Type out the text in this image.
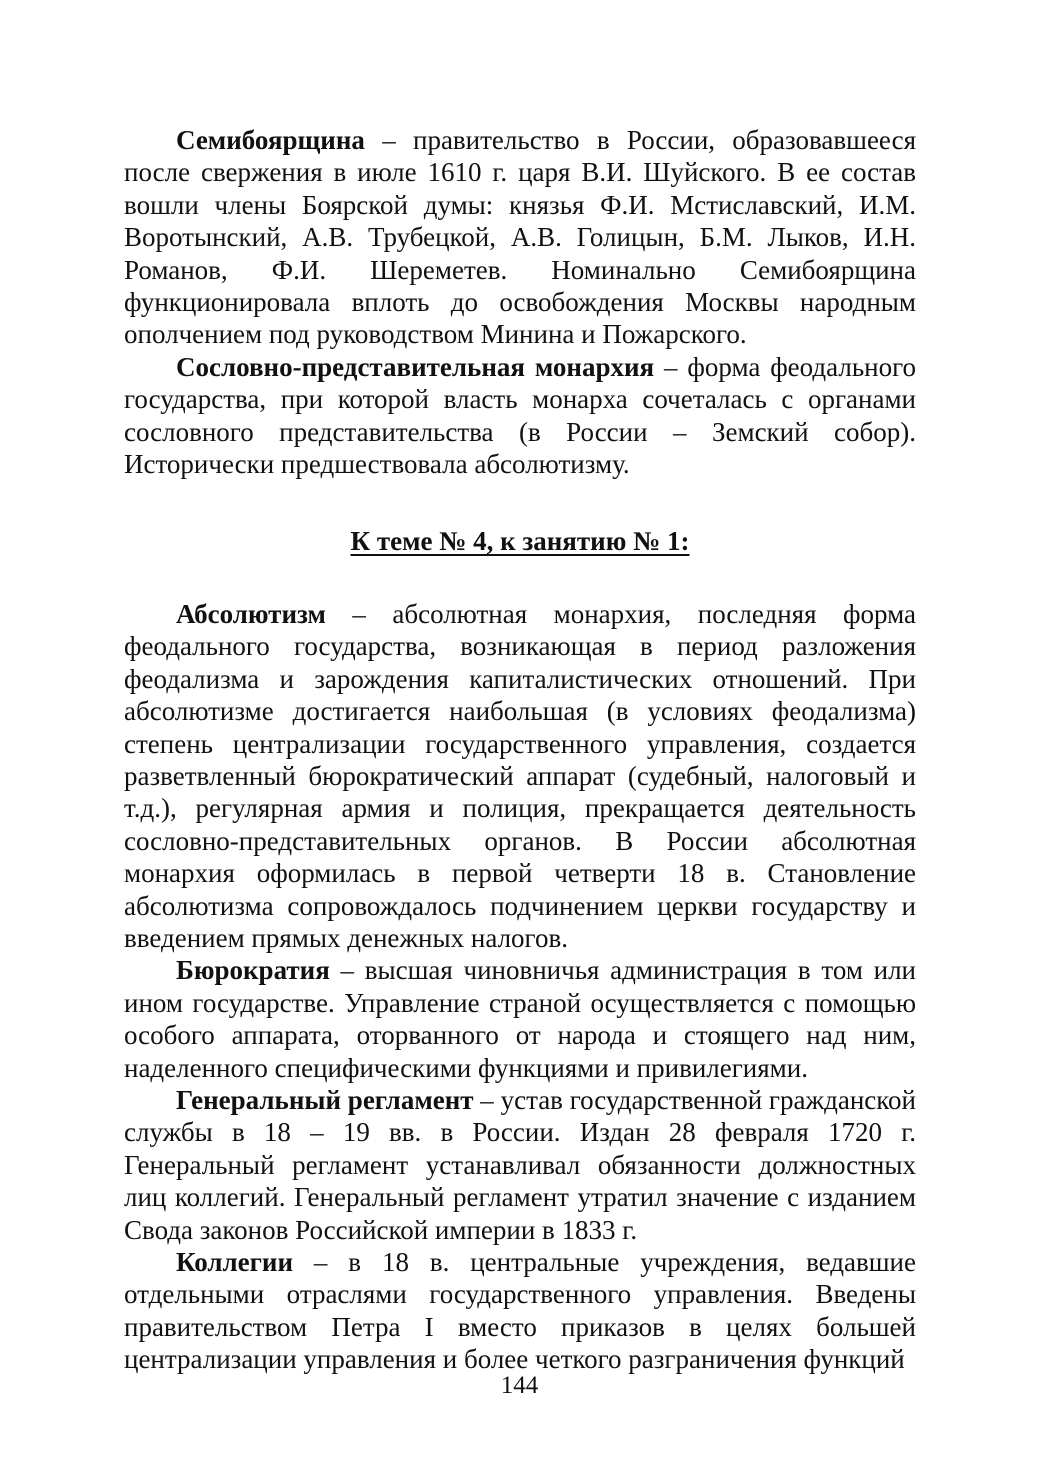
Семибоярщина – правительство в России, образовавшееся после свержения в июле 1610 г. царя В.И. Шуйского. В ее состав вошли члены Боярской думы: князья Ф.И. Мстиславский, И.М. Воротынский, А.В. Трубецкой, А.В. Голицын, Б.М. Лыков, И.Н. Романов, Ф.И. Шереметев. Номинально Семибоярщина функционировала вплоть до освобождения Москвы народным ополчением под руководством Минина и Пожарского.

Сословно-представительная монархия – форма феодального государства, при которой власть монарха сочеталась с органами сословного представительства (в России – Земский собор). Исторически предшествовала абсолютизму.

К теме № 4, к занятию № 1:

Абсолютизм – абсолютная монархия, последняя форма феодального государства, возникающая в период разложения феодализма и зарождения капиталистических отношений. При абсолютизме достигается наибольшая (в условиях феодализма) степень централизации государственного управления, создается разветвленный бюрократический аппарат (судебный, налоговый и т.д.), регулярная армия и полиция, прекращается деятельность сословно-представительных органов. В России абсолютная монархия оформилась в первой четверти 18 в. Становление абсолютизма сопровождалось подчинением церкви государству и введением прямых денежных налогов.

Бюрократия – высшая чиновничья администрация в том или ином государстве. Управление страной осуществляется с помощью особого аппарата, оторванного от народа и стоящего над ним, наделенного специфическими функциями и привилегиями.

Генеральный регламент – устав государственной гражданской службы в 18 – 19 вв. в России. Издан 28 февраля 1720 г. Генеральный регламент устанавливал обязанности должностных лиц коллегий. Генеральный регламент утратил значение с изданием Свода законов Российской империи в 1833 г.

Коллегии – в 18 в. центральные учреждения, ведавшие отдельными отраслями государственного управления. Введены правительством Петра I вместо приказов в целях большей централизации управления и более четкого разграничения функций

144
